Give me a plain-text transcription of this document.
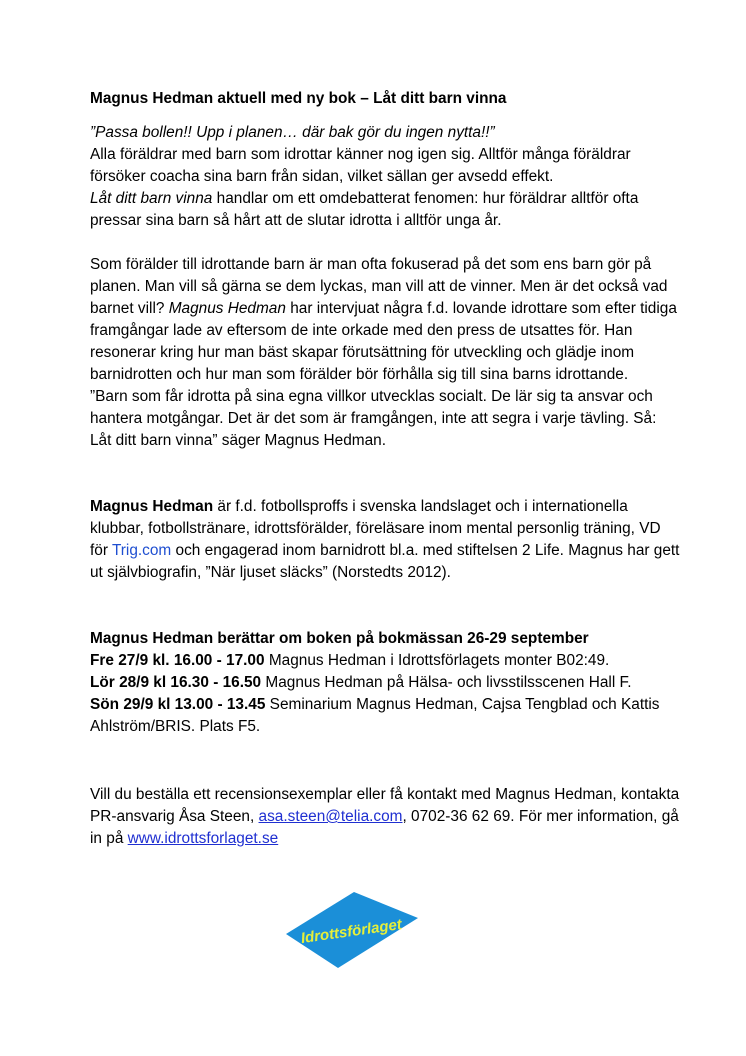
Magnus Hedman aktuell med ny bok – Låt ditt barn vinna

”Passa bollen!! Upp i planen… där bak gör du ingen nytta!!”
Alla föräldrar med barn som idrottar känner nog igen sig. Alltför många föräldrar försöker coacha sina barn från sidan, vilket sällan ger avsedd effekt.
Låt ditt barn vinna handlar om ett omdebatterat fenomen: hur föräldrar alltför ofta pressar sina barn så hårt att de slutar idrotta i alltför unga år.

Som förälder till idrottande barn är man ofta fokuserad på det som ens barn gör på planen. Man vill så gärna se dem lyckas, man vill att de vinner. Men är det också vad barnet vill? Magnus Hedman har intervjuat några f.d. lovande idrottare som efter tidiga framgångar lade av eftersom de inte orkade med den press de utsattes för. Han resonerar kring hur man bäst skapar förutsättning för utveckling och glädje inom barnidrotten och hur man som förälder bör förhålla sig till sina barns idrottande.
”Barn som får idrotta på sina egna villkor utvecklas socialt. De lär sig ta ansvar och hantera motgångar. Det är det som är framgången, inte att segra i varje tävling. Så: Låt ditt barn vinna” säger Magnus Hedman.

Magnus Hedman är f.d. fotbollsproffs i svenska landslaget och i internationella klubbar, fotbollstränare, idrottsförälder, föreläsare inom mental personlig träning, VD för Trig.com och engagerad inom barnidrott bl.a. med stiftelsen 2 Life. Magnus har gett ut självbiografin, ”När ljuset släcks” (Norstedts 2012).

Magnus Hedman berättar om boken på bokmässan 26-29 september

Fre 27/9 kl. 16.00 - 17.00 Magnus Hedman i Idrottsförlagets monter B02:49.

Lör 28/9 kl 16.30 - 16.50 Magnus Hedman på Hälsa- och livsstilsscenen Hall F.

Sön 29/9 kl 13.00 - 13.45 Seminarium Magnus Hedman, Cajsa Tengblad och Kattis Ahlström/BRIS. Plats F5.

Vill du beställa ett recensionsexemplar eller få kontakt med Magnus Hedman, kontakta PR-ansvarig Åsa Steen, asa.steen@telia.com, 0702-36 62 69. För mer information, gå in på www.idrottsforlaget.se

Idrottsförlaget
